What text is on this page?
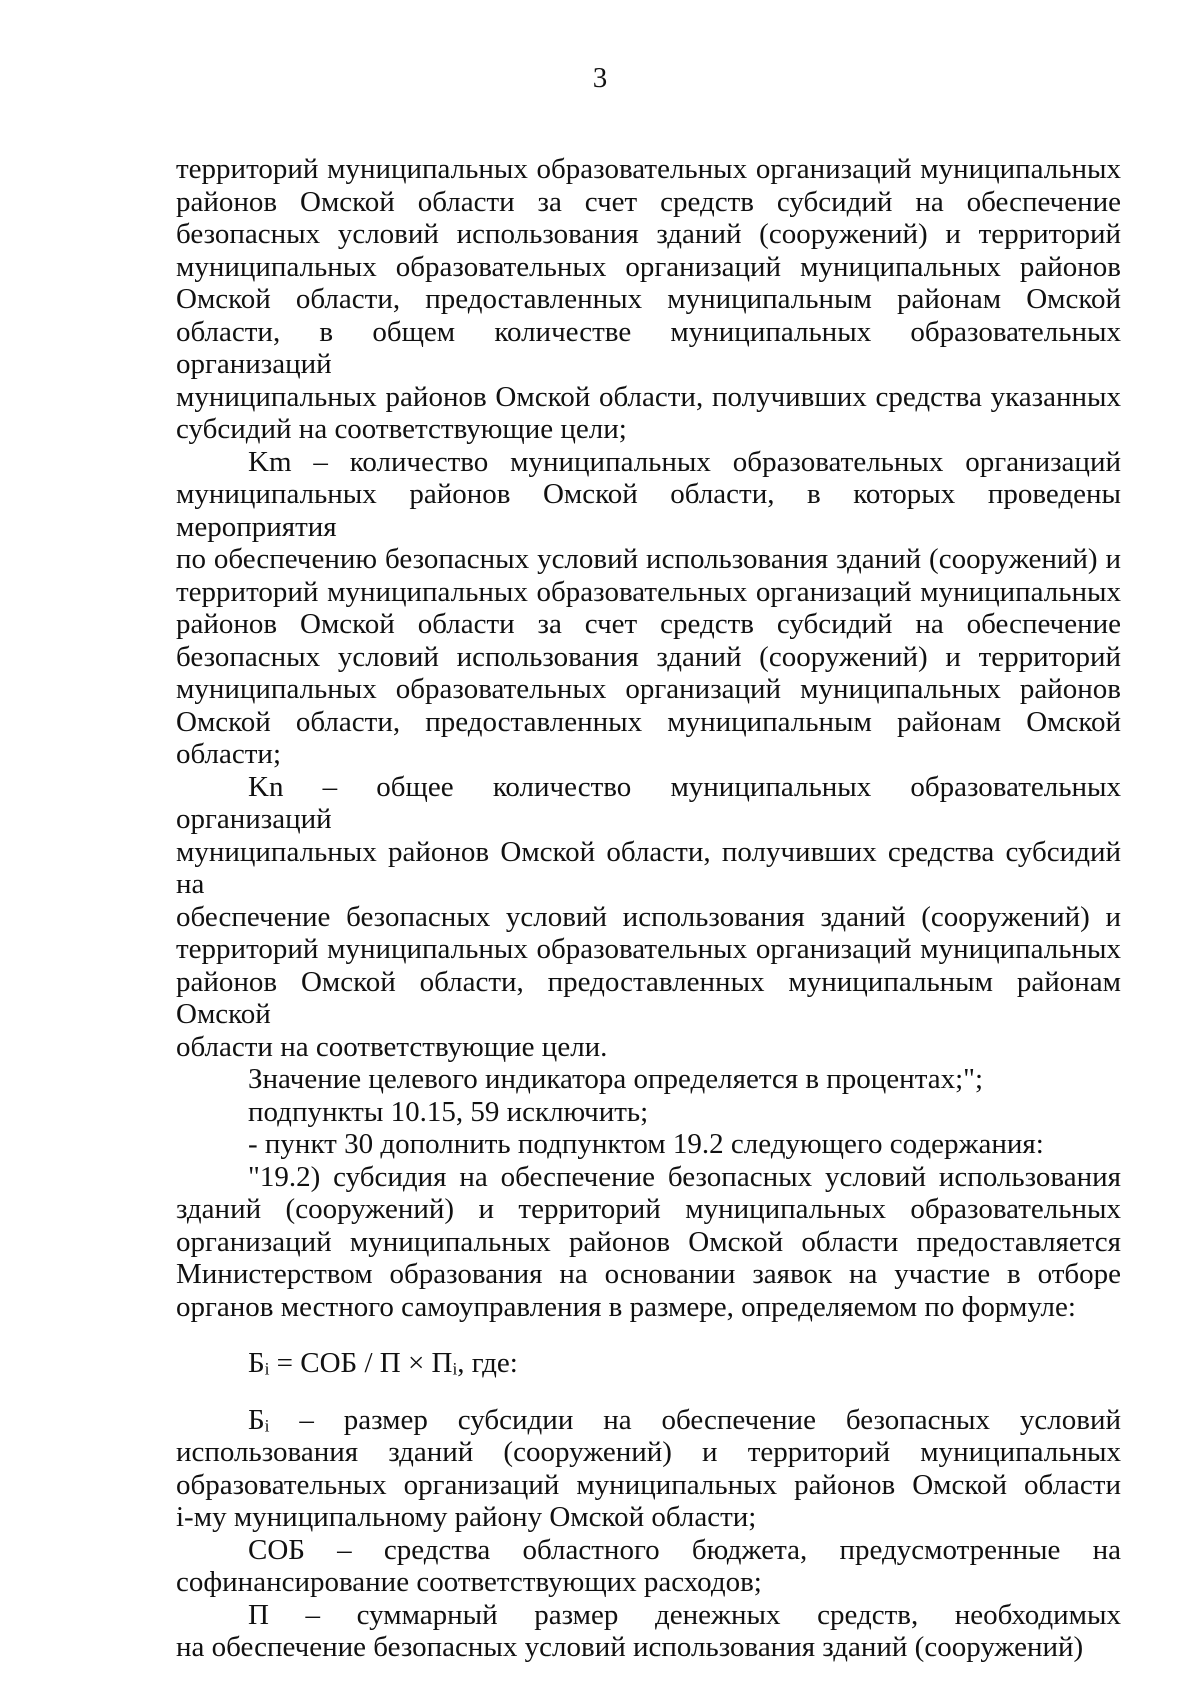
3

территорий муниципальных образовательных организаций муниципальных
районов Омской области за счет средств субсидий на обеспечение
безопасных условий использования зданий (сооружений) и территорий
муниципальных образовательных организаций муниципальных районов
Омской области, предоставленных муниципальным районам Омской
области, в общем количестве муниципальных образовательных организаций
муниципальных районов Омской области, получивших средства указанных
субсидий на соответствующие цели;

Km – количество муниципальных образовательных организаций
муниципальных районов Омской области, в которых проведены мероприятия
по обеспечению безопасных условий использования зданий (сооружений) и
территорий муниципальных образовательных организаций муниципальных
районов Омской области за счет средств субсидий на обеспечение
безопасных условий использования зданий (сооружений) и территорий
муниципальных образовательных организаций муниципальных районов
Омской области, предоставленных муниципальным районам Омской
области;

Kn – общее количество муниципальных образовательных организаций
муниципальных районов Омской области, получивших средства субсидий на
обеспечение безопасных условий использования зданий (сооружений) и
территорий муниципальных образовательных организаций муниципальных
районов Омской области, предоставленных муниципальным районам Омской
области на соответствующие цели.

Значение целевого индикатора определяется в процентах;";

подпункты 10.15, 59 исключить;

- пункт 30 дополнить подпунктом 19.2 следующего содержания:

"19.2) субсидия на обеспечение безопасных условий использования
зданий (сооружений) и территорий муниципальных образовательных
организаций муниципальных районов Омской области предоставляется
Министерством образования на основании заявок на участие в отборе
органов местного самоуправления в размере, определяемом по формуле:

Бᵢ = СОБ / П × Пᵢ, где:

Бᵢ – размер субсидии на обеспечение безопасных условий
использования зданий (сооружений) и территорий муниципальных
образовательных организаций муниципальных районов Омской области
i-му муниципальному району Омской области;

СОБ – средства областного бюджета, предусмотренные на
софинансирование соответствующих расходов;

П – суммарный размер денежных средств, необходимых
на обеспечение безопасных условий использования зданий (сооружений)
